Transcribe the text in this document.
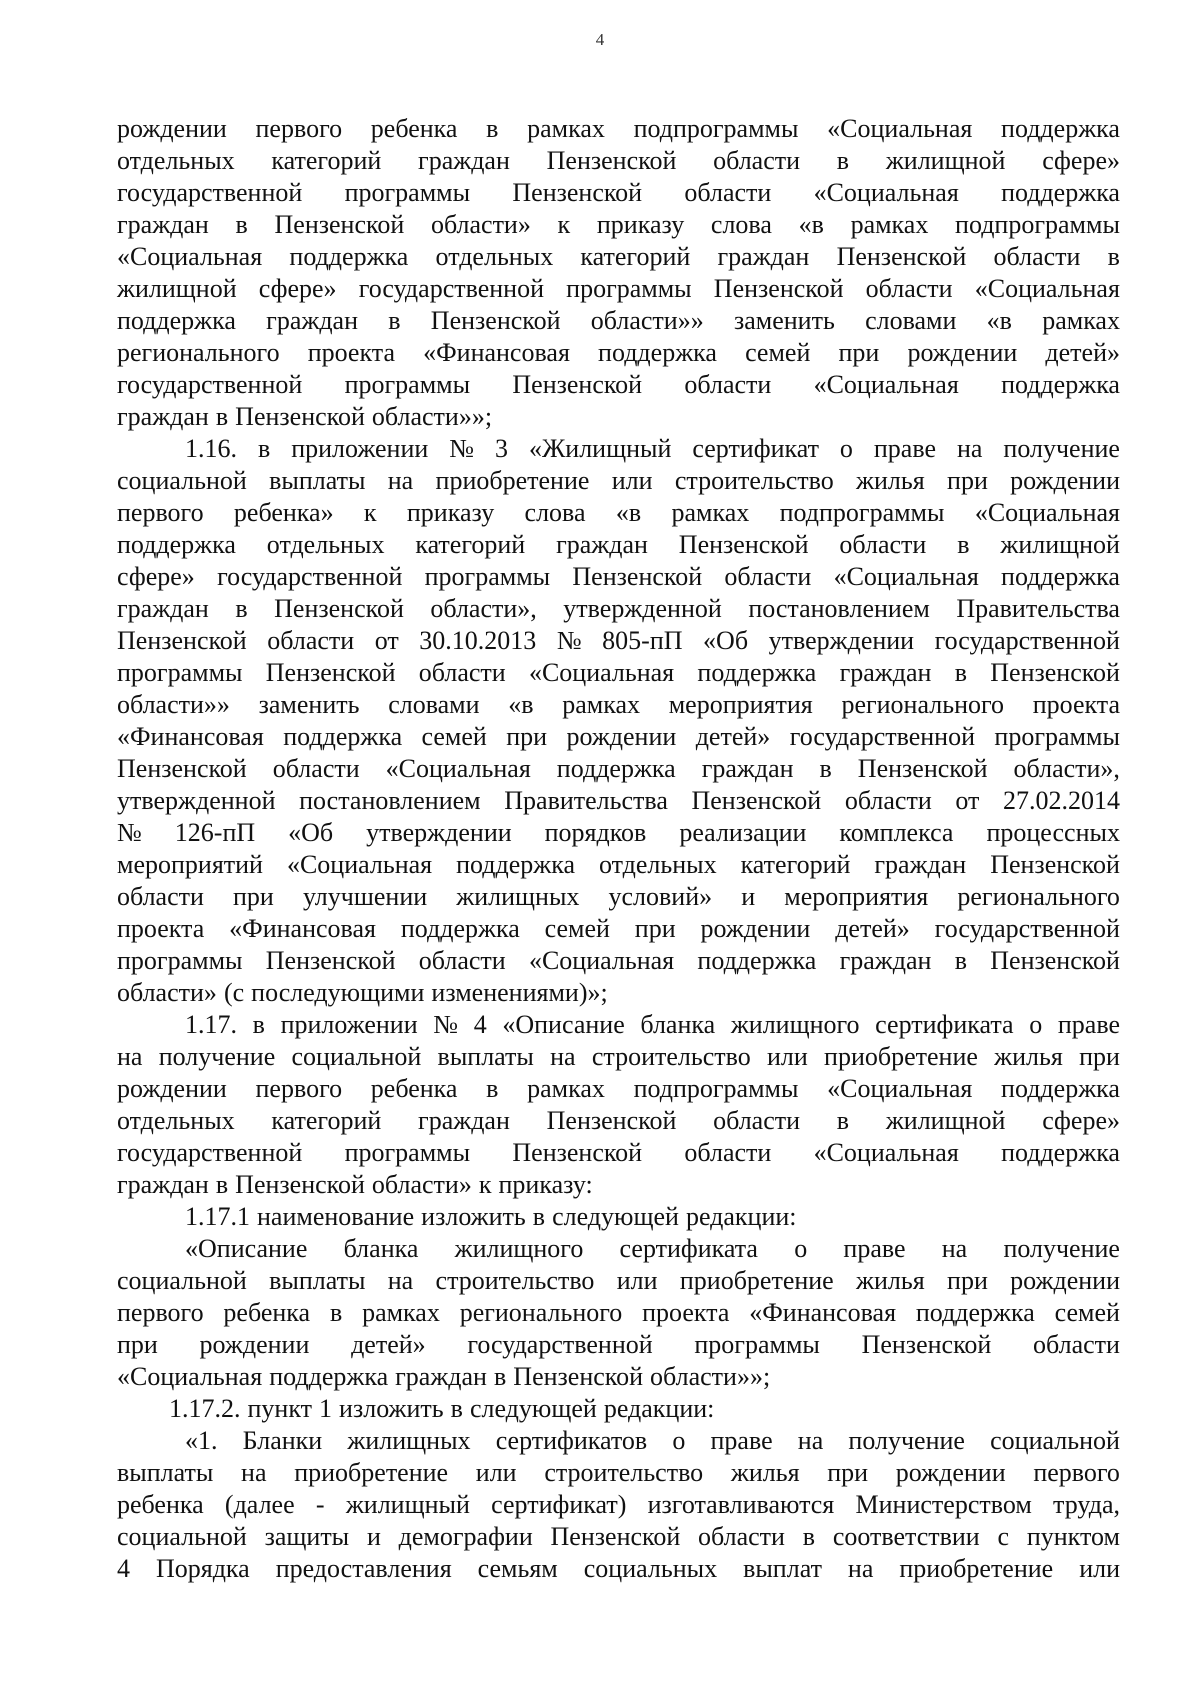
4
рождении первого ребенка в рамках подпрограммы «Социальная поддержка
отдельных категорий граждан Пензенской области в жилищной сфере»
государственной программы Пензенской области «Социальная поддержка
граждан в Пензенской области» к приказу слова «в рамках подпрограммы
«Социальная поддержка отдельных категорий граждан Пензенской области в
жилищной сфере» государственной программы Пензенской области «Социальная
поддержка граждан в Пензенской области»» заменить словами «в рамках
регионального проекта «Финансовая поддержка семей при рождении детей»
государственной программы Пензенской области «Социальная поддержка
граждан в Пензенской области»»;
1.16. в приложении № 3 «Жилищный сертификат о праве на получение
социальной выплаты на приобретение или строительство жилья при рождении
первого ребенка» к приказу слова «в рамках подпрограммы «Социальная
поддержка отдельных категорий граждан Пензенской области в жилищной
сфере» государственной программы Пензенской области «Социальная поддержка
граждан в Пензенской области», утвержденной постановлением Правительства
Пензенской области от 30.10.2013 № 805-пП «Об утверждении государственной
программы Пензенской области «Социальная поддержка граждан в Пензенской
области»» заменить словами «в рамках мероприятия регионального проекта
«Финансовая поддержка семей при рождении детей» государственной программы
Пензенской области «Социальная поддержка граждан в Пензенской области»,
утвержденной постановлением Правительства Пензенской области от 27.02.2014
№ 126-пП «Об утверждении порядков реализации комплекса процессных
мероприятий «Социальная поддержка отдельных категорий граждан Пензенской
области при улучшении жилищных условий» и мероприятия регионального
проекта «Финансовая поддержка семей при рождении детей» государственной
программы Пензенской области «Социальная поддержка граждан в Пензенской
области» (с последующими изменениями)»;
1.17. в приложении № 4 «Описание бланка жилищного сертификата о праве
на получение социальной выплаты на строительство или приобретение жилья при
рождении первого ребенка в рамках подпрограммы «Социальная поддержка
отдельных категорий граждан Пензенской области в жилищной сфере»
государственной программы Пензенской области «Социальная поддержка
граждан в Пензенской области» к приказу:
1.17.1 наименование изложить в следующей редакции:
«Описание бланка жилищного сертификата о праве на получение
социальной выплаты на строительство или приобретение жилья при рождении
первого ребенка в рамках регионального проекта «Финансовая поддержка семей
при рождении детей» государственной программы Пензенской области
«Социальная поддержка граждан в Пензенской области»»;
1.17.2. пункт 1 изложить в следующей редакции:
«1. Бланки жилищных сертификатов о праве на получение социальной
выплаты на приобретение или строительство жилья при рождении первого
ребенка (далее - жилищный сертификат) изготавливаются Министерством труда,
социальной защиты и демографии Пензенской области в соответствии с пунктом
4 Порядка предоставления семьям социальных выплат на приобретение или
